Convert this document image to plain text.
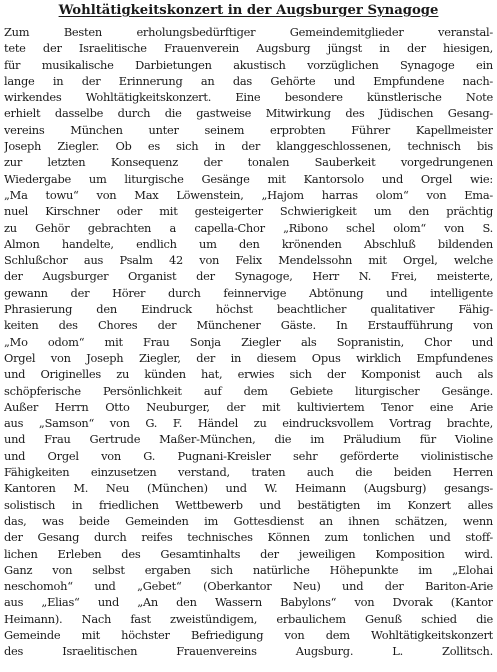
Wohltätigkeitskonzert in der Augsburger Synagoge
Zum Besten erholungsbedürftiger Gemeindemitglieder veranstal-
tete der Israelitische Frauenverein Augsburg jüngst in der hiesigen,
für musikalische Darbietungen akustisch vorzüglichen Synagoge ein
lange in der Erinnerung an das Gehörte und Empfundene nach-
wirkendes Wohltätigkeitskonzert. Eine besondere künstlerische Note
erhielt dasselbe durch die gastweise Mitwirkung des Jüdischen Gesang-
vereins München unter seinem erprobten Führer Kapellmeister
Joseph Ziegler. Ob es sich in der klanggeschlossenen, technisch bis
zur letzten Konsequenz der tonalen Sauberkeit vorgedrungenen
Wiedergabe um liturgische Gesänge mit Kantorsolo und Orgel wie:
„Ma towu“ von Max Löwenstein, „Hajom harras olom“ von Ema-
nuel Kirschner oder mit gesteigerter Schwierigkeit um den prächtig
zu Gehör gebrachten a capella-Chor „Ribono schel olom“ von S.
Almon handelte, endlich um den krönenden Abschluß bildenden
Schlußchor aus Psalm 42 von Felix Mendelssohn mit Orgel, welche
der Augsburger Organist der Synagoge, Herr N. Frei, meisterte,
gewann der Hörer durch feinnervige Abtönung und intelligente
Phrasierung den Eindruck höchst beachtlicher qualitativer Fähig-
keiten des Chores der Münchener Gäste. In Erstaufführung von
„Mo odom“ mit Frau Sonja Ziegler als Sopranistin, Chor und
Orgel von Joseph Ziegler, der in diesem Opus wirklich Empfundenes
und Originelles zu künden hat, erwies sich der Komponist auch als
schöpferische Persönlichkeit auf dem Gebiete liturgischer Gesänge.
Außer Herrn Otto Neuburger, der mit kultiviertem Tenor eine Arie
aus „Samson“ von G. F. Händel zu eindrucksvollem Vortrag brachte,
und Frau Gertrude Maßer-München, die im Präludium für Violine
und Orgel von G. Pugnani-Kreisler sehr geförderte violinistische
Fähigkeiten einzusetzen verstand, traten auch die beiden Herren
Kantoren M. Neu (München) und W. Heimann (Augsburg) gesangs-
solistisch in friedlichen Wettbewerb und bestätigten im Konzert alles
das, was beide Gemeinden im Gottesdienst an ihnen schätzen, wenn
der Gesang durch reifes technisches Können zum tonlichen und stoff-
lichen Erleben des Gesamtinhalts der jeweiligen Komposition wird.
Ganz von selbst ergaben sich natürliche Höhepunkte im „Elohai
neschomoh“ und „Gebet“ (Oberkantor Neu) und der Bariton-Arie
aus „Elias“ und „An den Wassern Babylons“ von Dvorak (Kantor
Heimann). Nach fast zweistündigem, erbaulichem Genuß schied die
Gemeinde mit höchster Befriedigung von dem Wohltätigkeitskonzert
des Israelitischen Frauenvereins Augsburg. L. Zollitsch.
